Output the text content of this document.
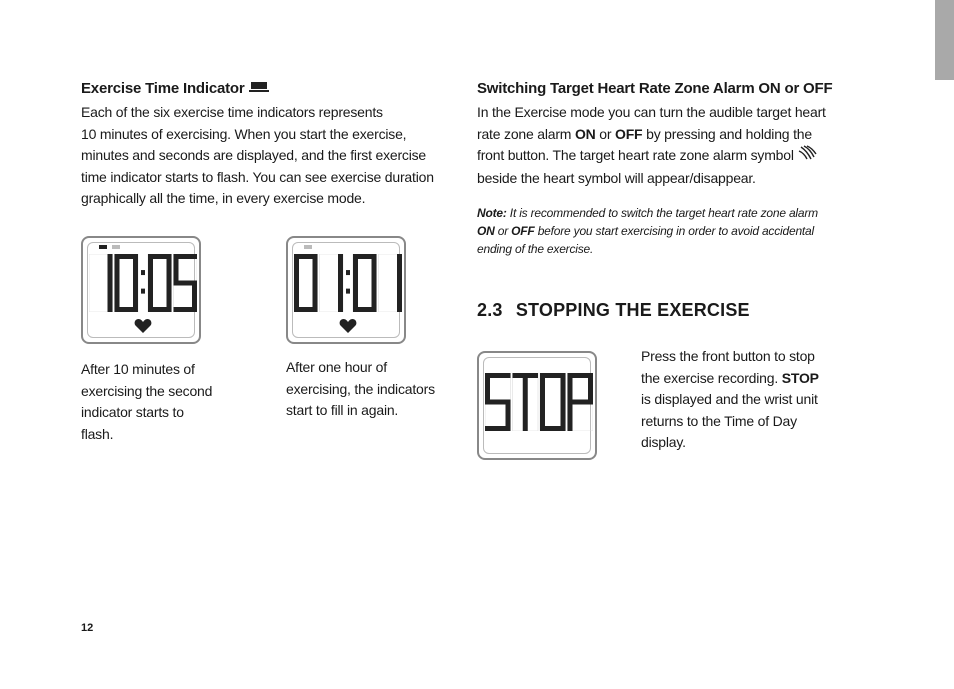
Exercise Time Indicator
Each of the six exercise time indicators represents
10 minutes of exercising. When you start the exercise,
minutes and seconds are displayed, and the first exercise
time indicator starts to flash. You can see exercise duration
graphically all the time, in every exercise mode.
After 10 minutes of
exercising the second
indicator starts to
flash.
After one hour of
exercising, the indicators
start to fill in again.
Switching Target Heart Rate Zone Alarm ON or OFF
In the Exercise mode you can turn the audible target heart
rate zone alarm ON or OFF by pressing and holding the
front button. The target heart rate zone alarm symbol
beside the heart symbol will appear/disappear.
Note: It is recommended to switch the target heart rate zone alarm
ON or OFF before you start exercising in order to avoid accidental
ending of the exercise.
2.3 STOPPING THE EXERCISE
Press the front button to stop
the exercise recording. STOP
is displayed and the wrist unit
returns to the Time of Day
display.
12
